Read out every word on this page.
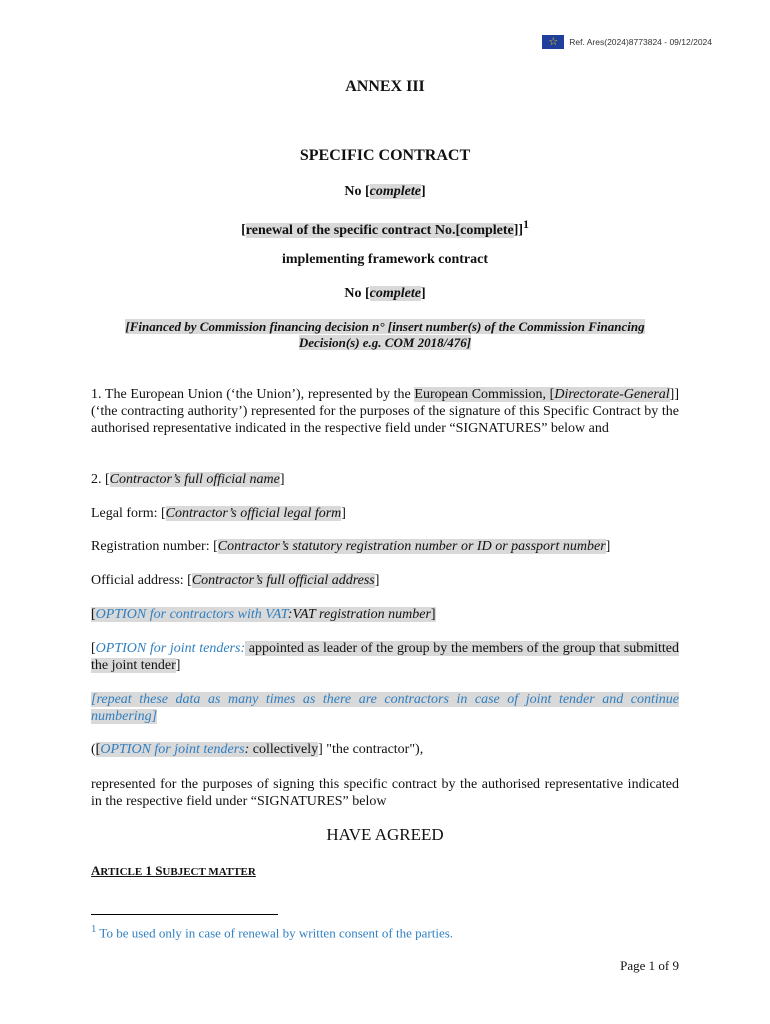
☆
Ref. Ares(2024)8773824 - 09/12/2024
ANNEX III
SPECIFIC CONTRACT
No [complete]
[renewal of the specific contract No.[complete]]$^1$
implementing framework contract
No [complete]
[Financed by Commission financing decision n° [insert number(s) of the Commission Financing
Decision(s) e.g. COM 2018/476]
1. The European Union (‘the Union’), represented by the European Commission, [Directorate-General]] (‘the contracting authority’) represented for the purposes of the signature of this Specific Contract by the authorised representative indicated in the respective field under “SIGNATURES” below and
2. [Contractor’s full official name]
Legal form: [Contractor’s official legal form]
Registration number: [Contractor’s statutory registration number or ID or passport number]
Official address: [Contractor’s full official address]
[OPTION for contractors with VAT:VAT registration number]
[OPTION for joint tenders: appointed as leader of the group by the members of the group that submitted the joint tender]
[repeat these data as many times as there are contractors in case of joint tender and continue numbering]
([OPTION for joint tenders: collectively] "the contractor"),
represented for the purposes of signing this specific contract by the authorised representative indicated in the respective field under “SIGNATURES” below
HAVE AGREED
ARTICLE 1 SUBJECT MATTER
$^1$ To be used only in case of renewal by written consent of the parties.
Page 1 of 9
